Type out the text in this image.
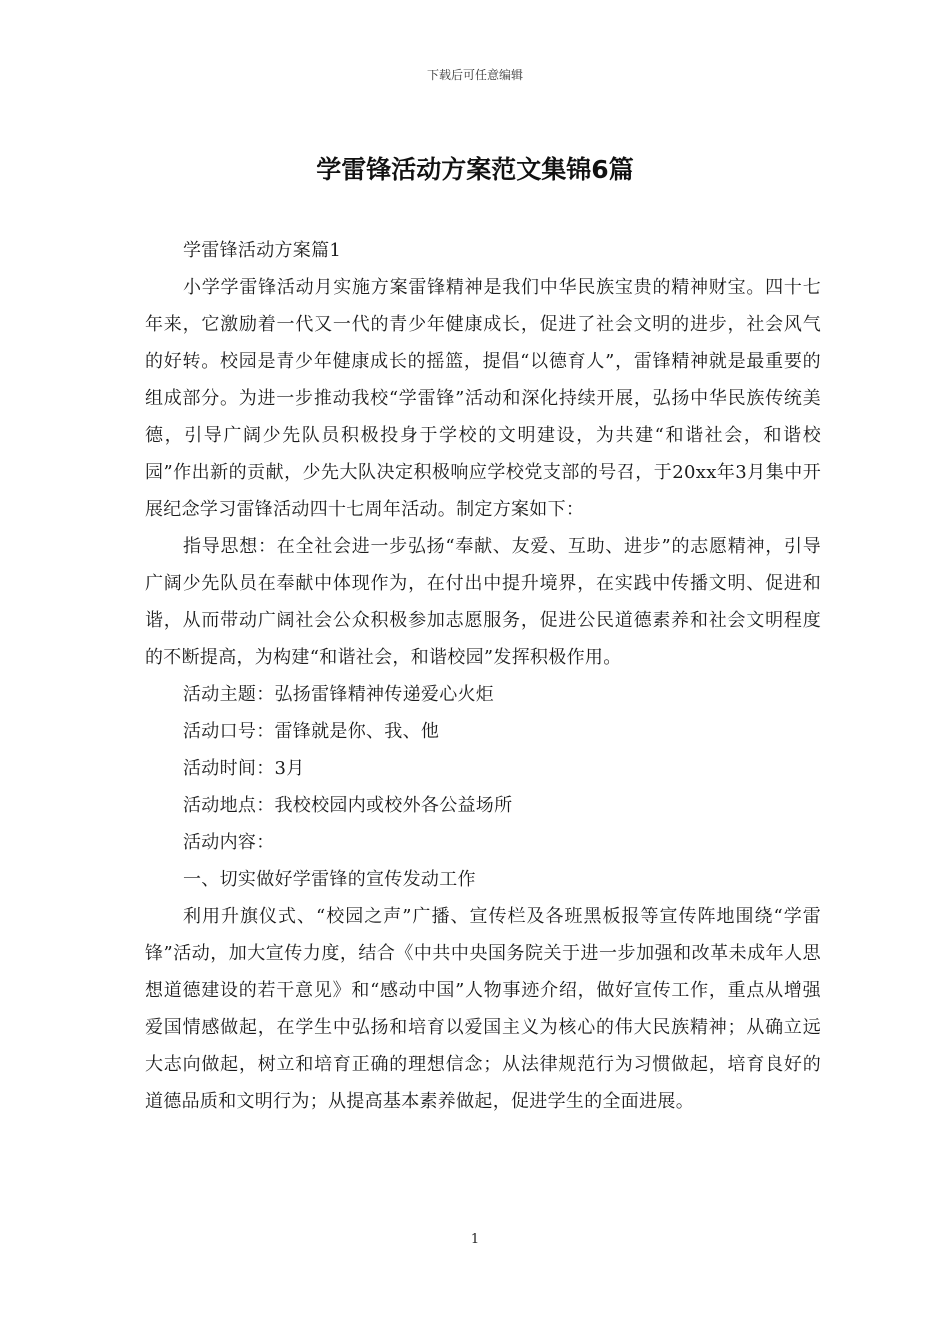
下载后可任意编辑
学雷锋活动方案范文集锦6篇

学雷锋活动方案篇1

小学学雷锋活动月实施方案雷锋精神是我们中华民族宝贵的精神财宝。四十七年来，它激励着一代又一代的青少年健康成长，促进了社会文明的进步，社会风气的好转。校园是青少年健康成长的摇篮，提倡“以德育人”，雷锋精神就是最重要的组成部分。为进一步推动我校“学雷锋”活动和深化持续开展，弘扬中华民族传统美德，引导广阔少先队员积极投身于学校的文明建设，为共建“和谐社会，和谐校园”作出新的贡献，少先大队决定积极响应学校党支部的号召，于20xx年3月集中开展纪念学习雷锋活动四十七周年活动。制定方案如下：

指导思想：在全社会进一步弘扬“奉献、友爱、互助、进步”的志愿精神，引导广阔少先队员在奉献中体现作为，在付出中提升境界，在实践中传播文明、促进和谐，从而带动广阔社会公众积极参加志愿服务，促进公民道德素养和社会文明程度的不断提高，为构建“和谐社会，和谐校园”发挥积极作用。

活动主题：弘扬雷锋精神传递爱心火炬

活动口号：雷锋就是你、我、他

活动时间：3月

活动地点：我校校园内或校外各公益场所

活动内容：

一、切实做好学雷锋的宣传发动工作

利用升旗仪式、“校园之声”广播、宣传栏及各班黑板报等宣传阵地围绕“学雷锋”活动，加大宣传力度，结合《中共中央国务院关于进一步加强和改革未成年人思想道德建设的若干意见》和“感动中国”人物事迹介绍，做好宣传工作，重点从增强爱国情感做起，在学生中弘扬和培育以爱国主义为核心的伟大民族精神；从确立远大志向做起，树立和培育正确的理想信念；从法律规范行为习惯做起，培育良好的道德品质和文明行为；从提高基本素养做起，促进学生的全面进展。

1
